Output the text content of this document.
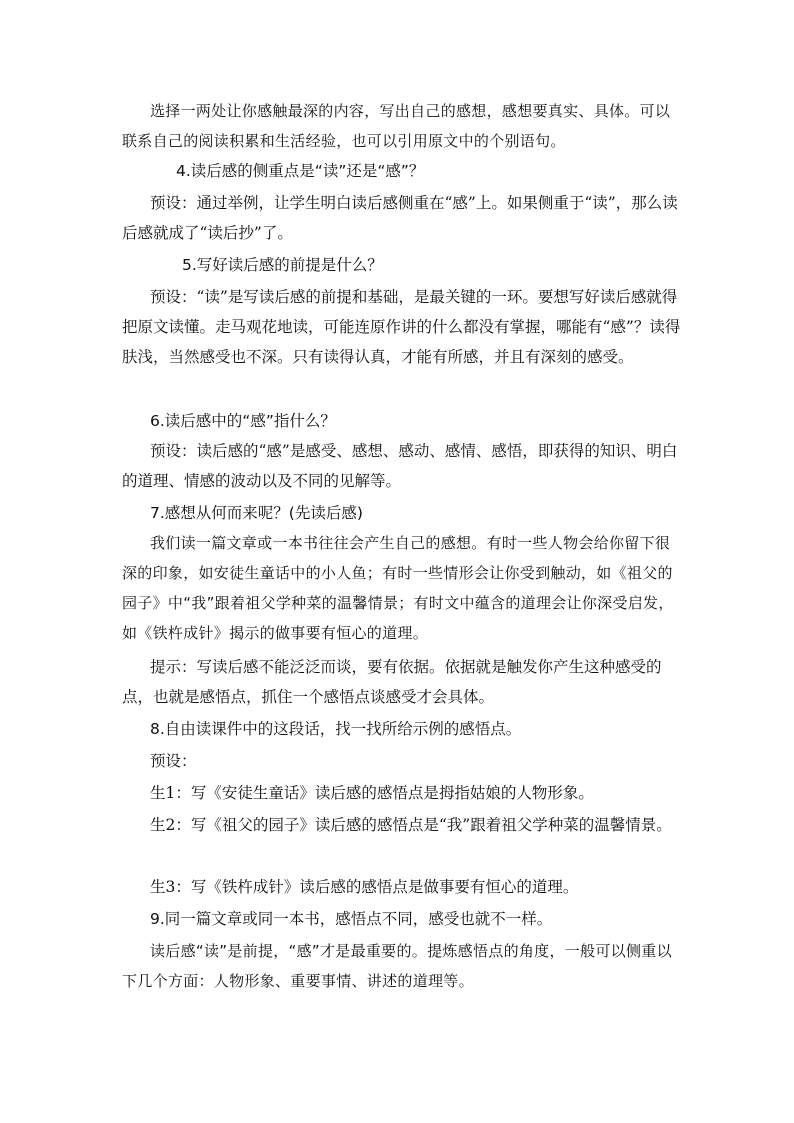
选择一两处让你感触最深的内容，写出自己的感想，感想要真实、具体。可以联系自己的阅读积累和生活经验，也可以引用原文中的个别语句。

4.读后感的侧重点是“读”还是“感”？

预设：通过举例，让学生明白读后感侧重在“感”上。如果侧重于“读”，那么读后感就成了“读后抄”了。

5.写好读后感的前提是什么？

预设：“读”是写读后感的前提和基础，是最关键的一环。要想写好读后感就得把原文读懂。走马观花地读，可能连原作讲的什么都没有掌握，哪能有“感”？读得肤浅，当然感受也不深。只有读得认真，才能有所感，并且有深刻的感受。

6.读后感中的“感”指什么？

预设：读后感的“感”是感受、感想、感动、感情、感悟，即获得的知识、明白的道理、情感的波动以及不同的见解等。

7.感想从何而来呢？(先读后感)

我们读一篇文章或一本书往往会产生自己的感想。有时一些人物会给你留下很深的印象，如安徒生童话中的小人鱼；有时一些情形会让你受到触动，如《祖父的园子》中“我”跟着祖父学种菜的温馨情景；有时文中蕴含的道理会让你深受启发，如《铁杵成针》揭示的做事要有恒心的道理。

提示：写读后感不能泛泛而谈，要有依据。依据就是触发你产生这种感受的点，也就是感悟点，抓住一个感悟点谈感受才会具体。

8.自由读课件中的这段话，找一找所给示例的感悟点。

预设：

生1：写《安徒生童话》读后感的感悟点是拇指姑娘的人物形象。

生2：写《祖父的园子》读后感的感悟点是“我”跟着祖父学种菜的温馨情景。

生3：写《铁杵成针》读后感的感悟点是做事要有恒心的道理。

9.同一篇文章或同一本书，感悟点不同，感受也就不一样。

读后感“读”是前提，“感”才是最重要的。提炼感悟点的角度，一般可以侧重以下几个方面：人物形象、重要事情、讲述的道理等。
